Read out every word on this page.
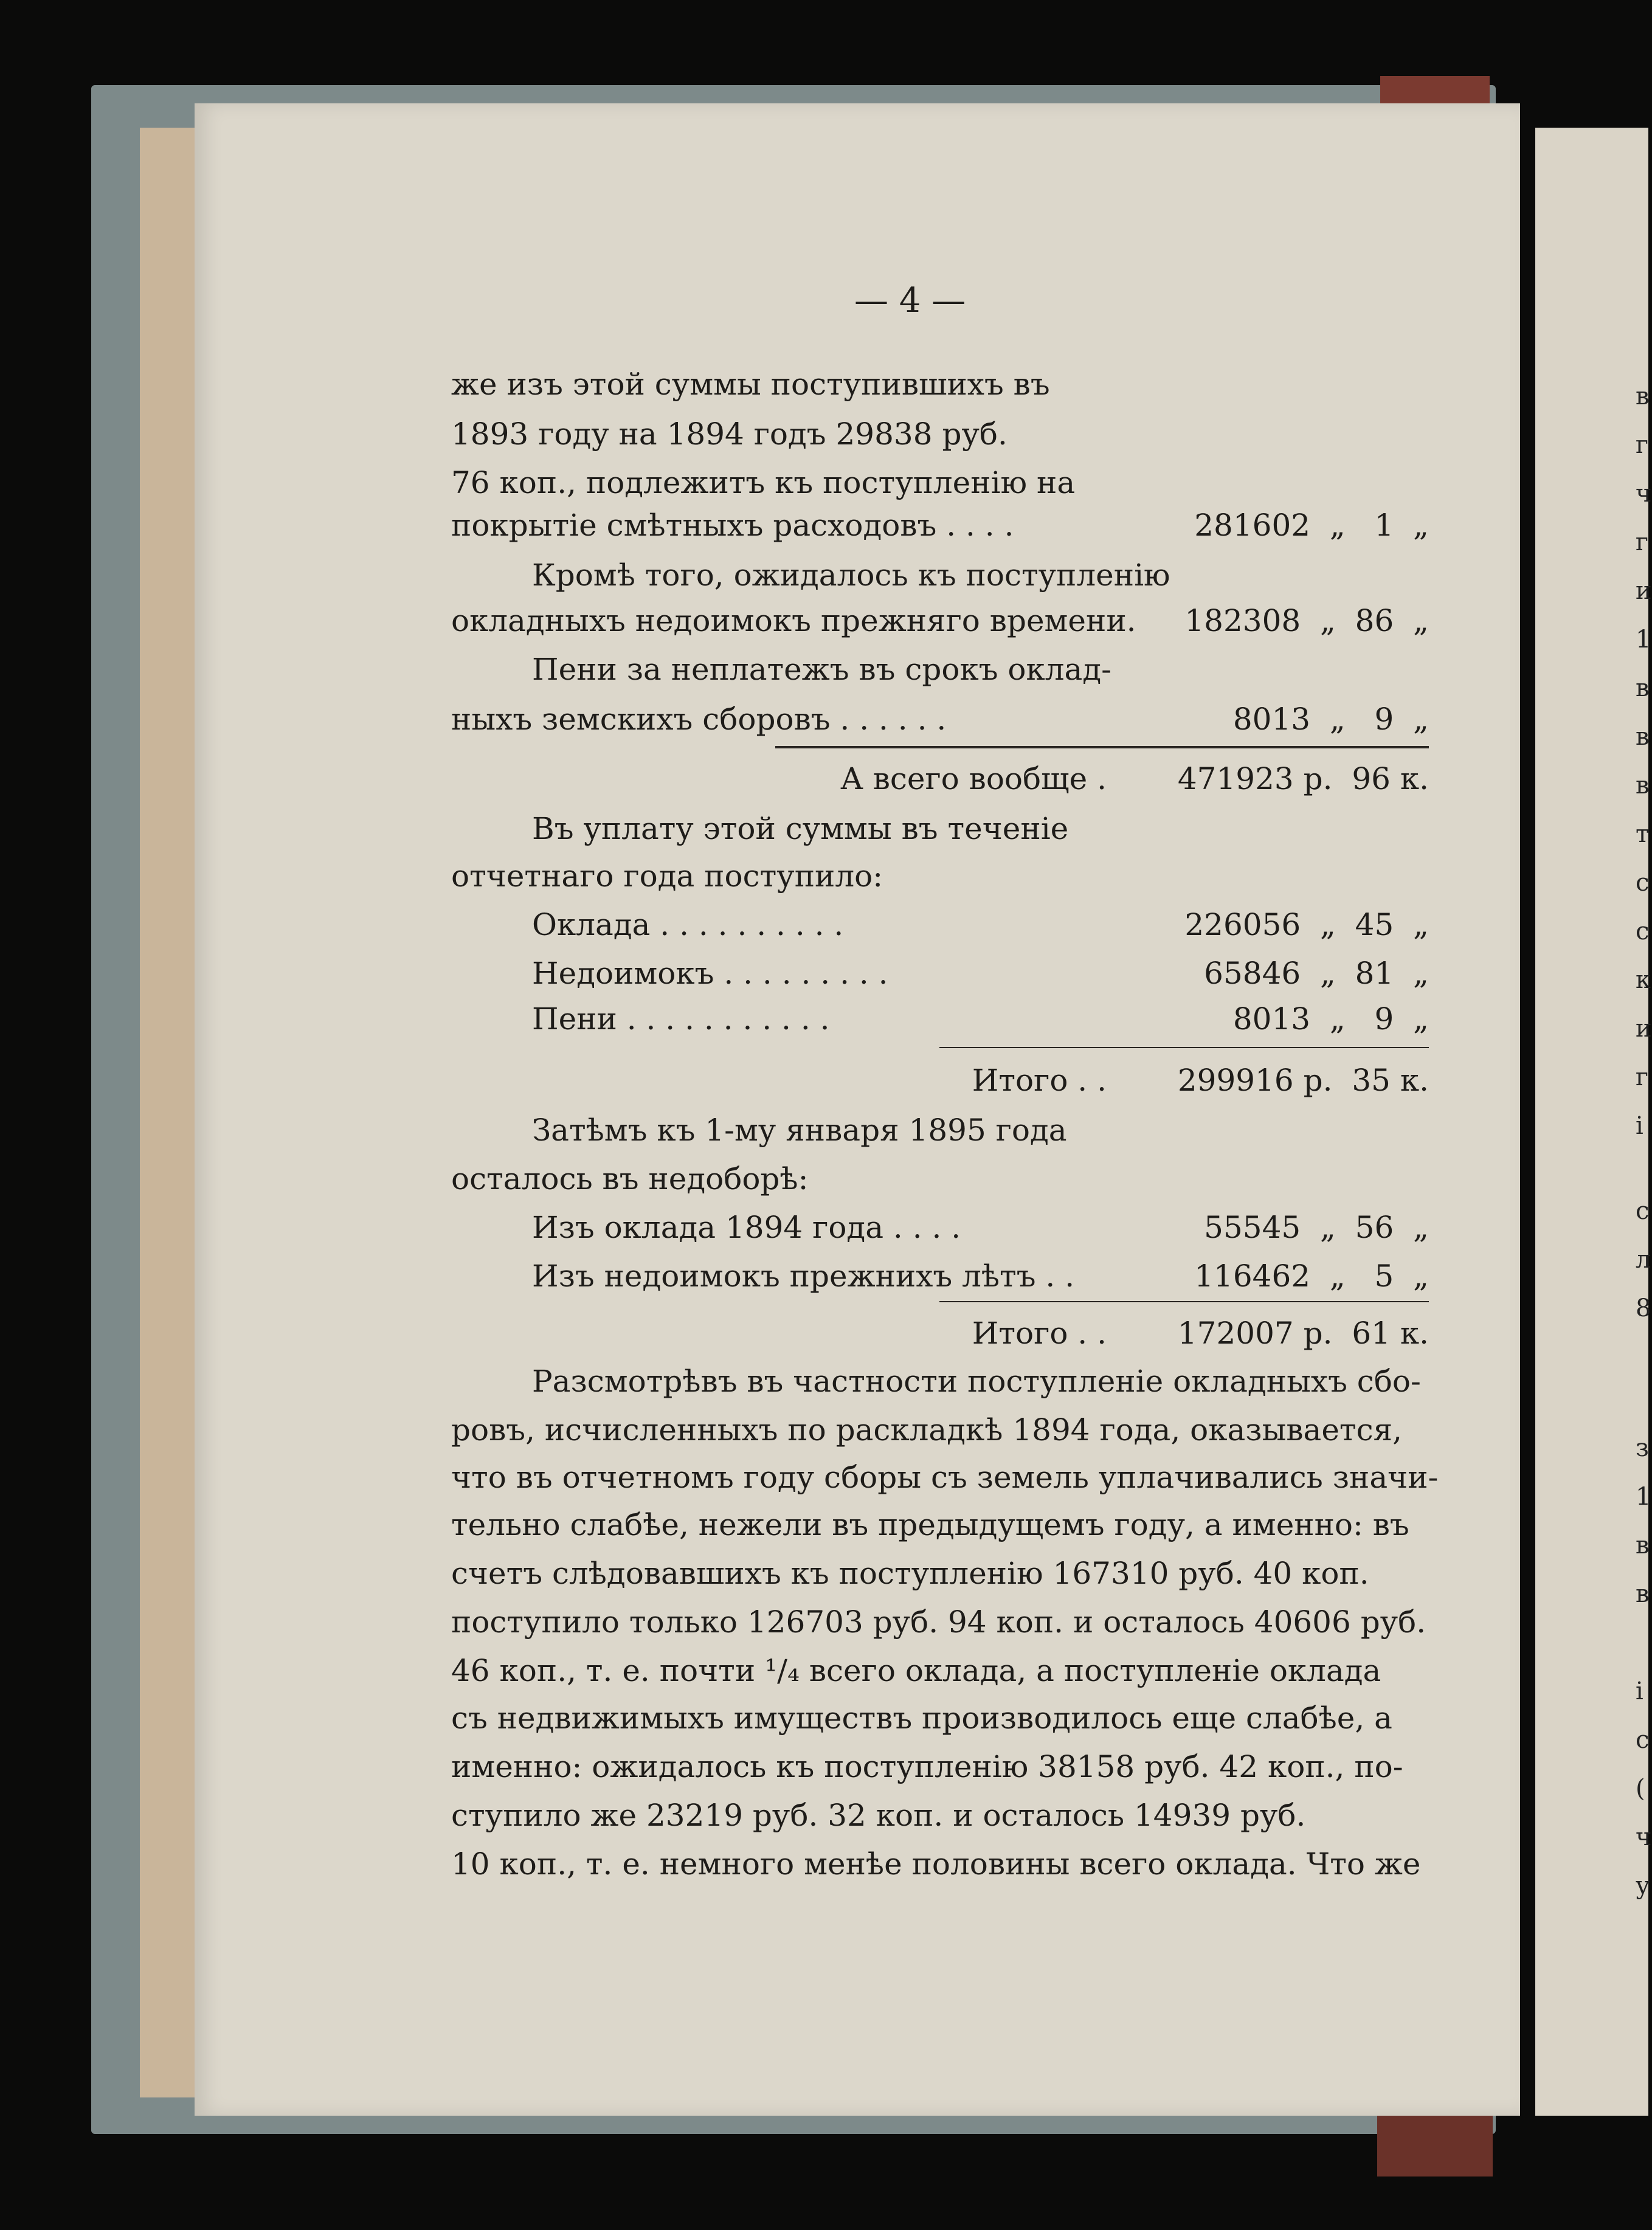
— 4 —
же изъ этой суммы поступившихъ въ
1893 году на 1894 годъ 29838 руб.
76 коп., подлежитъ къ поступленію на
покрытіе смѣтныхъ расходовъ . . . .	281602  „   1  „
Кромѣ того, ожидалось къ поступленію
окладныхъ недоимокъ прежняго времени.	182308  „  86  „
Пени за неплатежъ въ срокъ оклад-
ныхъ земскихъ сборовъ . . . . . .	8013  „   9  „
А всего вообще .	471923 р.  96 к.
Въ уплату этой суммы въ теченіе
отчетнаго года поступило:
Оклада . . . . . . . . . .	226056  „  45  „
Недоимокъ . . . . . . . . .	65846  „  81  „
Пени . . . . . . . . . . .	8013  „   9  „
Итого . .	299916 р.  35 к.
Затѣмъ къ 1-му января 1895 года
осталось въ недоборѣ:
Изъ оклада 1894 года . . . .	55545  „  56  „
Изъ недоимокъ прежнихъ лѣтъ . .	116462  „   5  „
Итого . .	172007 р.  61 к.
Разсмотрѣвъ въ частности поступленіе окладныхъ сбо-
ровъ, исчисленныхъ по раскладкѣ 1894 года, оказывается,
что въ отчетномъ году сборы съ земель уплачивались значи-
тельно слабѣе, нежели въ предыдущемъ году, а именно: въ
счетъ слѣдовавшихъ къ поступленію 167310 руб. 40 коп.
поступило только 126703 руб. 94 коп. и осталось 40606 руб.
46 коп., т. е. почти ¹/₄ всего оклада, а поступленіе оклада
съ недвижимыхъ имуществъ производилось еще слабѣе, а
именно: ожидалось къ поступленію 38158 руб. 42 коп., по-
ступило же 23219 руб. 32 коп. и осталось 14939 руб.
10 коп., т. е. немного менѣе половины всего оклада. Что же
в
г
ч
г
и
1
в
в
в
т
с
с
к
и
г
і
с
л
8
з
1
в
в
і
с
(
ч
у
